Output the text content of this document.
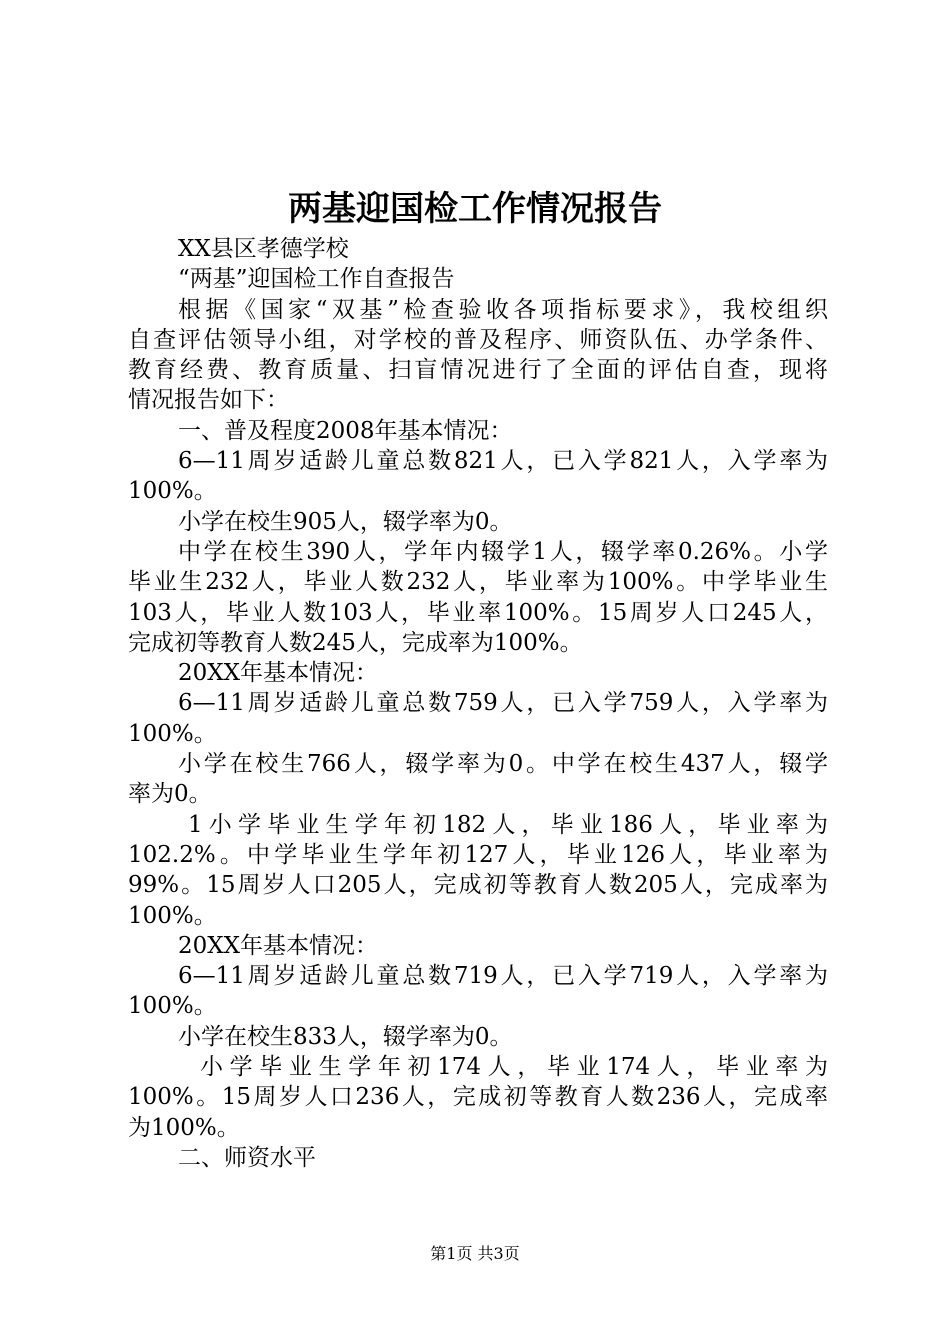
两基迎国检工作情况报告
XX县区孝德学校
“两基”迎国检工作自查报告
根据《国家“双基”检查验收各项指标要求》，我校组织
自查评估领导小组，对学校的普及程序、师资队伍、办学条件、
教育经费、教育质量、扫盲情况进行了全面的评估自查，现将
情况报告如下：
一、普及程度2008年基本情况：
6—11周岁适龄儿童总数821人，已入学821人，入学率为
100%。
小学在校生905人，辍学率为0。
中学在校生390人，学年内辍学1人，辍学率0.26%。小学
毕业生232人，毕业人数232人，毕业率为100%。中学毕业生
103人，毕业人数103人，毕业率100%。15周岁人口245人，
完成初等教育人数245人，完成率为100%。
20XX年基本情况：
6—11周岁适龄儿童总数759人，已入学759人，入学率为
100%。
小学在校生766人，辍学率为0。中学在校生437人，辍学
率为0。
1小学毕业生学年初182人，毕业186人，毕业率为
102.2%。中学毕业生学年初127人，毕业126人，毕业率为
99%。15周岁人口205人，完成初等教育人数205人，完成率为
100%。
20XX年基本情况：
6—11周岁适龄儿童总数719人，已入学719人，入学率为
100%。
小学在校生833人，辍学率为0。
小学毕业生学年初174人，毕业174人，毕业率为
100%。15周岁人口236人，完成初等教育人数236人，完成率
为100%。
二、师资水平
第1页 共3页
